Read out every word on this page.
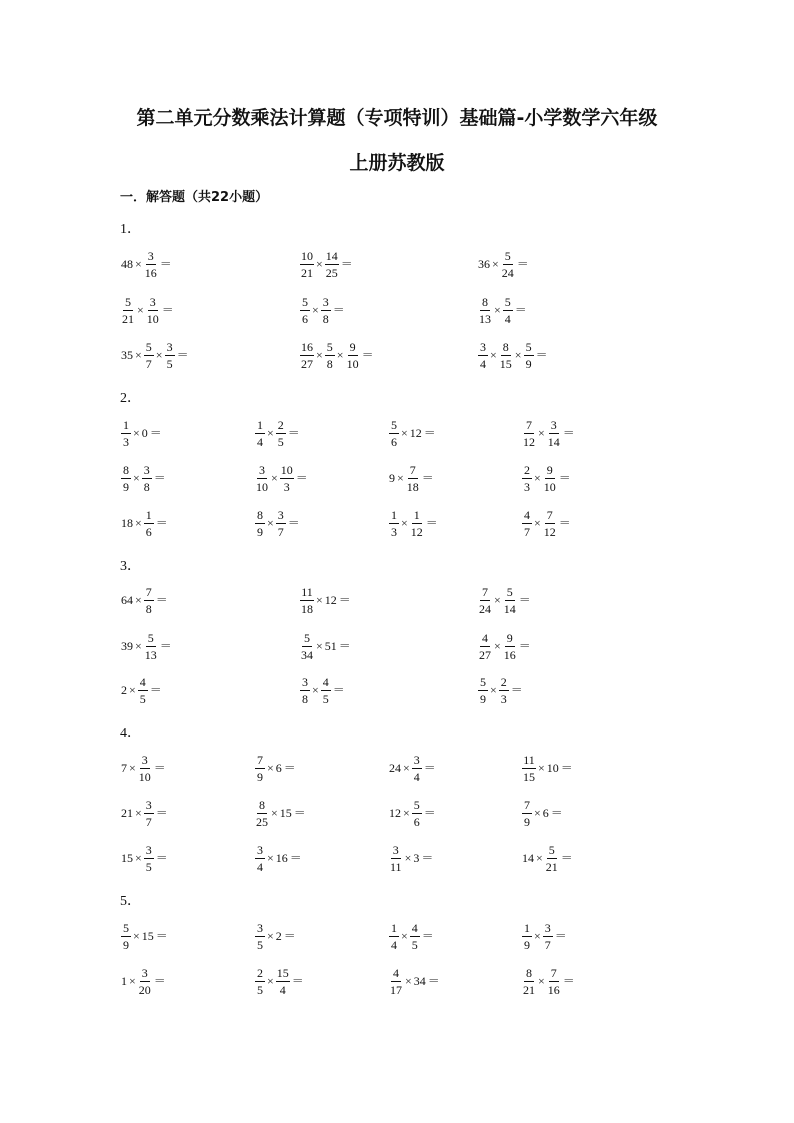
第二单元分数乘法计算题（专项特训）基础篇-小学数学六年级
上册苏教版
一．解答题（共22小题）
1．
$48 \times \frac{3}{16}$ ＝	$\frac{10}{21} \times \frac{14}{25}$ ＝	$36 \times \frac{5}{24}$ ＝
$\frac{5}{21} \times \frac{3}{10}$ ＝	$\frac{5}{6} \times \frac{3}{8}$ ＝	$\frac{8}{13} \times \frac{5}{4}$ ＝
$35 \times \frac{5}{7} \times \frac{3}{5}$ ＝	$\frac{16}{27} \times \frac{5}{8} \times \frac{9}{10}$ ＝	$\frac{3}{4} \times \frac{8}{15} \times \frac{5}{9}$ ＝
2．
$\frac{1}{3} \times 0$ ＝	$\frac{1}{4} \times \frac{2}{5}$ ＝	$\frac{5}{6} \times 12$ ＝	$\frac{7}{12} \times \frac{3}{14}$ ＝
$\frac{8}{9} \times \frac{3}{8}$ ＝	$\frac{3}{10} \times \frac{10}{3}$ ＝	$9 \times \frac{7}{18}$ ＝	$\frac{2}{3} \times \frac{9}{10}$ ＝
$18 \times \frac{1}{6}$ ＝	$\frac{8}{9} \times \frac{3}{7}$ ＝	$\frac{1}{3} \times \frac{1}{12}$ ＝	$\frac{4}{7} \times \frac{7}{12}$ ＝
3．
$64 \times \frac{7}{8}$ ＝	$\frac{11}{18} \times 12$ ＝	$\frac{7}{24} \times \frac{5}{14}$ ＝
$39 \times \frac{5}{13}$ ＝	$\frac{5}{34} \times 51$ ＝	$\frac{4}{27} \times \frac{9}{16}$ ＝
$2 \times \frac{4}{5}$ ＝	$\frac{3}{8} \times \frac{4}{5}$ ＝	$\frac{5}{9} \times \frac{2}{3}$ ＝
4．
$7 \times \frac{3}{10}$ ＝	$\frac{7}{9} \times 6$ ＝	$24 \times \frac{3}{4}$ ＝	$\frac{11}{15} \times 10$ ＝
$21 \times \frac{3}{7}$ ＝	$\frac{8}{25} \times 15$ ＝	$12 \times \frac{5}{6}$ ＝	$\frac{7}{9} \times 6$ ＝
$15 \times \frac{3}{5}$ ＝	$\frac{3}{4} \times 16$ ＝	$\frac{3}{11} \times 3$ ＝	$14 \times \frac{5}{21}$ ＝
5．
$\frac{5}{9} \times 15$ ＝	$\frac{3}{5} \times 2$ ＝	$\frac{1}{4} \times \frac{4}{5}$ ＝	$\frac{1}{9} \times \frac{3}{7}$ ＝
$1 \times \frac{3}{20}$ ＝	$\frac{2}{5} \times \frac{15}{4}$ ＝	$\frac{4}{17} \times 34$ ＝	$\frac{8}{21} \times \frac{7}{16}$ ＝
